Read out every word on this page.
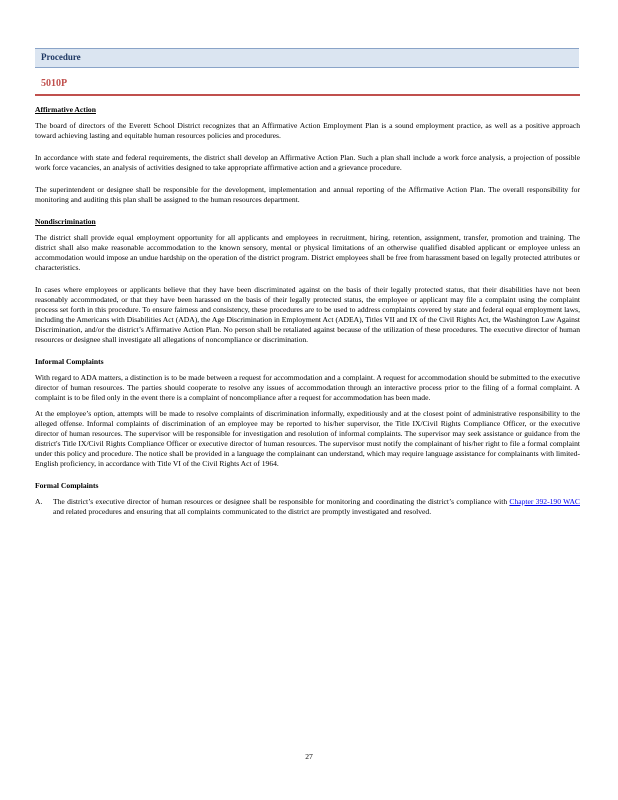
Procedure
5010P
Affirmative Action

The board of directors of the Everett School District recognizes that an Affirmative Action Employment Plan is a sound employment practice, as well as a positive approach toward achieving lasting and equitable human resources policies and procedures.

In accordance with state and federal requirements, the district shall develop an Affirmative Action Plan. Such a plan shall include a work force analysis, a projection of possible work force vacancies, an analysis of activities designed to take appropriate affirmative action and a grievance procedure.

The superintendent or designee shall be responsible for the development, implementation and annual reporting of the Affirmative Action Plan. The overall responsibility for monitoring and auditing this plan shall be assigned to the human resources department.

Nondiscrimination

The district shall provide equal employment opportunity for all applicants and employees in recruitment, hiring, retention, assignment, transfer, promotion and training. The district shall also make reasonable accommodation to the known sensory, mental or physical limitations of an otherwise qualified disabled applicant or employee unless an accommodation would impose an undue hardship on the operation of the district program. District employees shall be free from harassment based on legally protected attributes or characteristics.

In cases where employees or applicants believe that they have been discriminated against on the basis of their legally protected status, that their disabilities have not been reasonably accommodated, or that they have been harassed on the basis of their legally protected status, the employee or applicant may file a complaint using the complaint process set forth in this procedure. To ensure fairness and consistency, these procedures are to be used to address complaints covered by state and federal equal employment laws, including the Americans with Disabilities Act (ADA), the Age Discrimination in Employment Act (ADEA), Titles VII and IX of the Civil Rights Act, the Washington Law Against Discrimination, and/or the district’s Affirmative Action Plan. No person shall be retaliated against because of the utilization of these procedures. The executive director of human resources or designee shall investigate all allegations of noncompliance or discrimination.

Informal Complaints

With regard to ADA matters, a distinction is to be made between a request for accommodation and a complaint. A request for accommodation should be submitted to the executive director of human resources. The parties should cooperate to resolve any issues of accommodation through an interactive process prior to the filing of a formal complaint. A complaint is to be filed only in the event there is a complaint of noncompliance after a request for accommodation has been made.

At the employee’s option, attempts will be made to resolve complaints of discrimination informally, expeditiously and at the closest point of administrative responsibility to the alleged offense. Informal complaints of discrimination of an employee may be reported to his/her supervisor, the Title IX/Civil Rights Compliance Officer, or the executive director of human resources. The supervisor will be responsible for investigation and resolution of informal complaints. The supervisor may seek assistance or guidance from the district's Title IX/Civil Rights Compliance Officer or executive director of human resources. The supervisor must notify the complainant of his/her right to file a formal complaint under this policy and procedure. The notice shall be provided in a language the complainant can understand, which may require language assistance for complainants with limited-English proficiency, in accordance with Title VI of the Civil Rights Act of 1964.

Formal Complaints
A. The district’s executive director of human resources or designee shall be responsible for monitoring and coordinating the district’s compliance with Chapter 392-190 WAC and related procedures and ensuring that all complaints communicated to the district are promptly investigated and resolved.
27
